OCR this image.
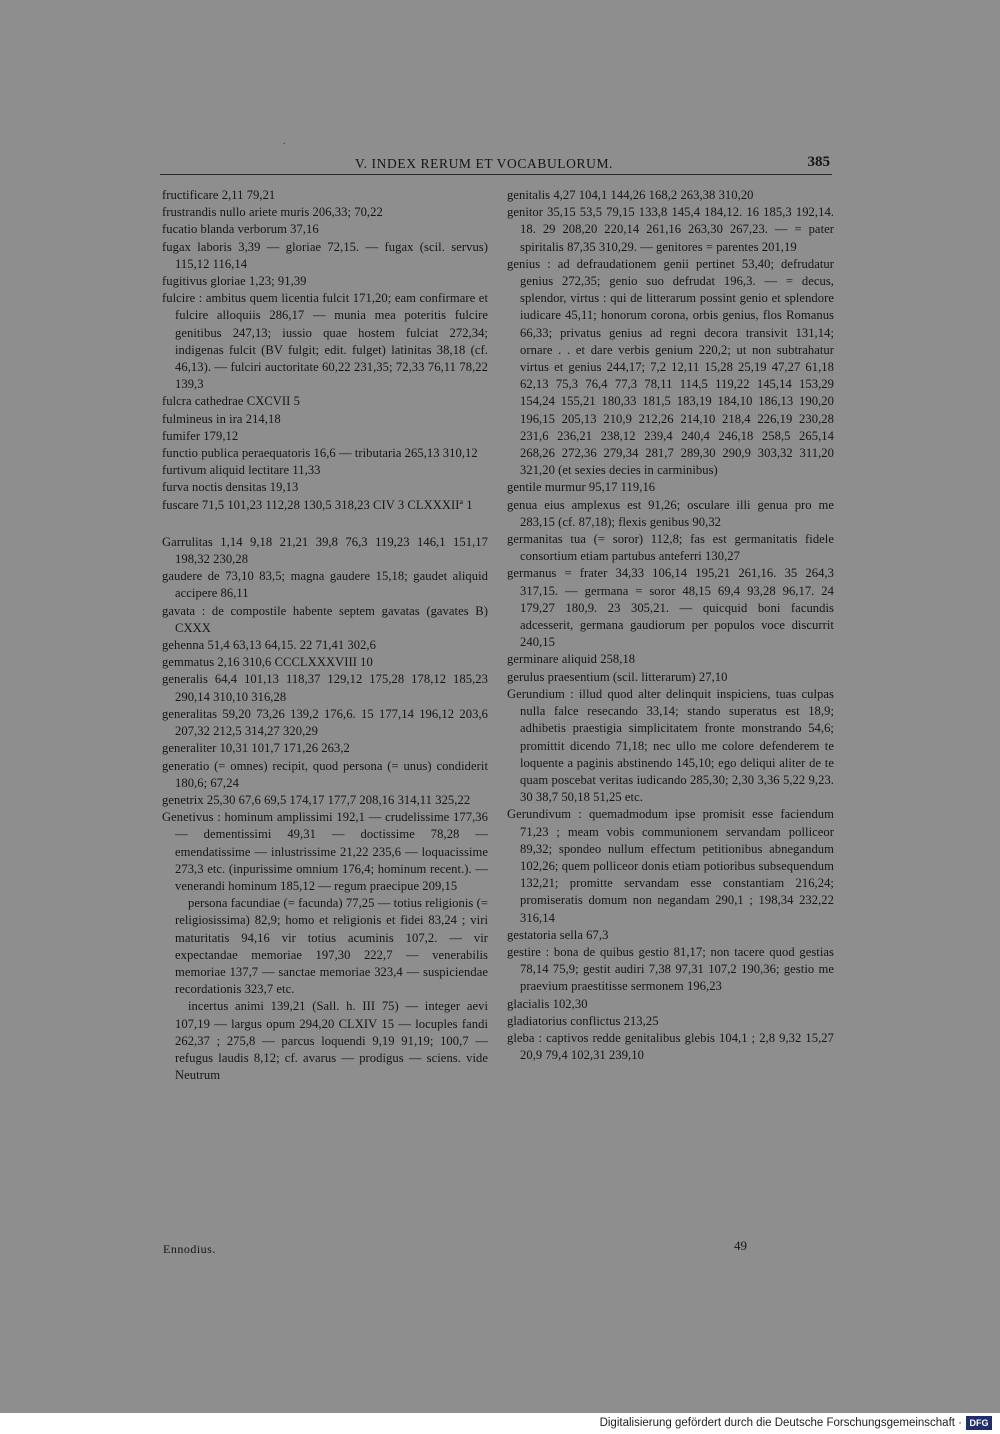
.
V. INDEX RERUM ET VOCABULORUM.	385

fructificare 2,11 79,21

frustrandis nullo ariete muris 206,33; 70,22

fucatio blanda verborum 37,16

fugax laboris 3,39 — gloriae 72,15. — fugax (scil. servus) 115,12 116,14

fugitivus gloriae 1,23; 91,39

fulcire : ambitus quem licentia fulcit 171,20; eam confirmare et fulcire alloquiis 286,17 — munia mea poteritis fulcire genitibus 247,13; iussio quae hostem fulciat 272,34; indigenas fulcit (BV fulgit; edit. fulget) latinitas 38,18 (cf. 46,13). — fulciri auctoritate 60,22 231,35; 72,33 76,11 78,22 139,3

fulcra cathedrae CXCVII 5

fulmineus in ira 214,18

fumifer 179,12

functio publica peraequatoris 16,6 — tributaria 265,13 310,12

furtivum aliquid lectitare 11,33

furva noctis densitas 19,13

fuscare 71,5 101,23 112,28 130,5 318,23 CIV 3 CLXXXIIª 1

Garrulitas 1,14 9,18 21,21 39,8 76,3 119,23 146,1 151,17 198,32 230,28

gaudere de 73,10 83,5; magna gaudere 15,18; gaudet aliquid accipere 86,11

gavata : de compostile habente septem gavatas (gavates B) CXXX

gehenna 51,4 63,13 64,15. 22 71,41 302,6

gemmatus 2,16 310,6 CCCLXXXVIII 10

generalis 64,4 101,13 118,37 129,12 175,28 178,12 185,23 290,14 310,10 316,28

generalitas 59,20 73,26 139,2 176,6. 15 177,14 196,12 203,6 207,32 212,5 314,27 320,29

generaliter 10,31 101,7 171,26 263,2

generatio (= omnes) recipit, quod persona (= unus) condiderit 180,6; 67,24

genetrix 25,30 67,6 69,5 174,17 177,7 208,16 314,11 325,22

Genetivus : hominum amplissimi 192,1 — crudelissime 177,36 — dementissimi 49,31 — doctissime 78,28 — emendatissime — inlustrissime 21,22 235,6 — loquacissime 273,3 etc. (inpurissime omnium 176,4; hominum recent.). — venerandi hominum 185,12 — regum praecipue 209,15

persona facundiae (= facunda) 77,25 — totius religionis (= religiosissima) 82,9; homo et religionis et fidei 83,24 ; viri maturitatis 94,16 vir totius acuminis 107,2. — vir expectandae memoriae 197,30 222,7 — venerabilis memoriae 137,7 — sanctae memoriae 323,4 — suspiciendae recordationis 323,7 etc.

incertus animi 139,21 (Sall. h. III 75) — integer aevi 107,19 — largus opum 294,20 CLXIV 15 — locuples fandi 262,37 ; 275,8 — parcus loquendi 9,19 91,19; 100,7 — refugus laudis 8,12; cf. avarus — prodigus — sciens. vide Neutrum

genitalis 4,27 104,1 144,26 168,2 263,38 310,20

genitor 35,15 53,5 79,15 133,8 145,4 184,12. 16 185,3 192,14. 18. 29 208,20 220,14 261,16 263,30 267,23. — = pater spiritalis 87,35 310,29. — genitores = parentes 201,19

genius : ad defraudationem genii pertinet 53,40; defrudatur genius 272,35; genio suo defrudat 196,3. — = decus, splendor, virtus : qui de litterarum possint genio et splendore iudicare 45,11; honorum corona, orbis genius, flos Romanus 66,33; privatus genius ad regni decora transivit 131,14; ornare . . et dare verbis genium 220,2; ut non subtrahatur virtus et genius 244,17; 7,2 12,11 15,28 25,19 47,27 61,18 62,13 75,3 76,4 77,3 78,11 114,5 119,22 145,14 153,29 154,24 155,21 180,33 181,5 183,19 184,10 186,13 190,20 196,15 205,13 210,9 212,26 214,10 218,4 226,19 230,28 231,6 236,21 238,12 239,4 240,4 246,18 258,5 265,14 268,26 272,36 279,34 281,7 289,30 290,9 303,32 311,20 321,20 (et sexies decies in carminibus)

gentile murmur 95,17 119,16

genua eius amplexus est 91,26; osculare illi genua pro me 283,15 (cf. 87,18); flexis genibus 90,32

germanitas tua (= soror) 112,8; fas est germanitatis fidele consortium etiam partubus anteferri 130,27

germanus = frater 34,33 106,14 195,21 261,16. 35 264,3 317,15. — germana = soror 48,15 69,4 93,28 96,17. 24 179,27 180,9. 23 305,21. — quicquid boni facundis adcesserit, germana gaudiorum per populos voce discurrit 240,15

germinare aliquid 258,18

gerulus praesentium (scil. litterarum) 27,10

Gerundium : illud quod alter delinquit inspiciens, tuas culpas nulla falce resecando 33,14; stando superatus est 18,9; adhibetis praestigia simplicitatem fronte monstrando 54,6; promittit dicendo 71,18; nec ullo me colore defenderem te loquente a paginis abstinendo 145,10; ego deliqui aliter de te quam poscebat veritas iudicando 285,30; 2,30 3,36 5,22 9,23. 30 38,7 50,18 51,25 etc.

Gerundivum : quemadmodum ipse promisit esse faciendum 71,23 ; meam vobis communionem servandam polliceor 89,32; spondeo nullum effectum petitionibus abnegandum 102,26; quem polliceor donis etiam potioribus subsequendum 132,21; promitte servandam esse constantiam 216,24; promiseratis domum non negandam 290,1 ; 198,34 232,22 316,14

gestatoria sella 67,3

gestire : bona de quibus gestio 81,17; non tacere quod gestias 78,14 75,9; gestit audiri 7,38 97,31 107,2 190,36; gestio me praevium praestitisse sermonem 196,23

glacialis 102,30

gladiatorius conflictus 213,25

gleba : captivos redde genitalibus glebis 104,1 ; 2,8 9,32 15,27 20,9 79,4 102,31 239,10

Ennodius.	49
Digitalisierung gefördert durch die Deutsche Forschungsgemeinschaft · DFG
